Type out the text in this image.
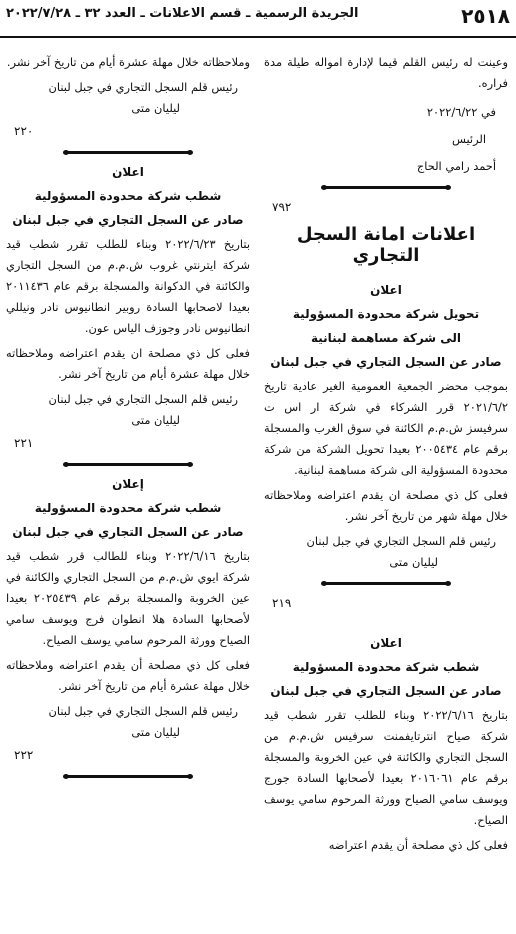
٢٥١٨
الجريدة الرسمية ـ قسم الاعلانات ـ العدد ٣٢ ـ ٢٠٢٢/٧/٢٨

وعينت له رئيس القلم قيما لإدارة امواله طيلة مدة فراره.

في ٢٠٢٢/٦/٢٢

الرئيس

أحمد رامي الحاج

٧٩٢

اعلانات امانة السجل التجاري

اعلان

تحويل شركة محدودة المسؤولية

الى شركة مساهمة لبنانية

صادر عن السجل التجاري في جبل لبنان

بموجب محضر الجمعية العمومية الغير عادية تاريخ ٢٠٢١/٦/٢ قرر الشركاء في شركة ار اس ت سرفيسز ش.م.م الكائنة في سوق الغرب والمسجلة برقم عام ٢٠٠٥٤٣٤ بعيدا تحويل الشركة من شركة محدودة المسؤولية الى شركة مساهمة لبنانية.

فعلى كل ذي مصلحة ان يقدم اعتراضه وملاحظاته خلال مهلة شهر من تاريخ آخر نشر.

رئيس قلم السجل التجاري في جبل لبنان

ليليان متى

٢١٩

اعلان

شطب شركة محدودة المسؤولية

صادر عن السجل التجاري في جبل لبنان

بتاريخ ٢٠٢٢/٦/١٦ وبناء للطلب تقرر شطب قيد شركة صياح انترتايفمنت سرفيس ش.م.م من السجل التجاري والكائنة في عين الخروبة والمسجلة برقم عام ٢٠١٦٠٦١ بعيدا لأصحابها السادة جورج ويوسف سامي الصياح وورثة المرحوم سامي يوسف الصياح.

فعلى كل ذي مصلحة أن يقدم اعتراضه

وملاحظاته خلال مهلة عشرة أيام من تاريخ آخر نشر.

رئيس قلم السجل التجاري في جبل لبنان

ليليان متى

٢٢٠

اعلان

شطب شركة محدودة المسؤولية

صادر عن السجل التجاري في جبل لبنان

بتاريخ ٢٠٢٢/٦/٢٣ وبناء للطلب تقرر شطب قيد شركة ايترنتي غروب ش.م.م من السجل التجاري والكائنة في الدكوانة والمسجلة برقم عام ٢٠١١٤٣٦ بعيدا لاصحابها السادة روبير انطانيوس نادر ونيللي انطانيوس نادر وجوزف الياس عون.

فعلى كل ذي مصلحة ان يقدم اعتراضه وملاحظاته خلال مهلة عشرة أيام من تاريخ آخر نشر.

رئيس قلم السجل التجاري في جبل لبنان

ليليان متى

٢٢١

إعلان

شطب شركة محدودة المسؤولية

صادر عن السجل التجاري في جبل لبنان

بتاريخ ٢٠٢٢/٦/١٦ وبناء للطالب قرر شطب قيد شركة ايوي ش.م.م من السجل التجاري والكائنة في عين الخروبة والمسجلة برقم عام ٢٠٢٥٤٣٩ بعيدا لأصحابها السادة هلا انطوان فرج ويوسف سامي الصياح وورثة المرحوم سامي يوسف الصياح.

فعلى كل ذي مصلحة أن يقدم اعتراضه وملاحظاته خلال مهلة عشرة أيام من تاريخ آخر نشر.

رئيس قلم السجل التجاري في جبل لبنان

ليليان متى

٢٢٢
